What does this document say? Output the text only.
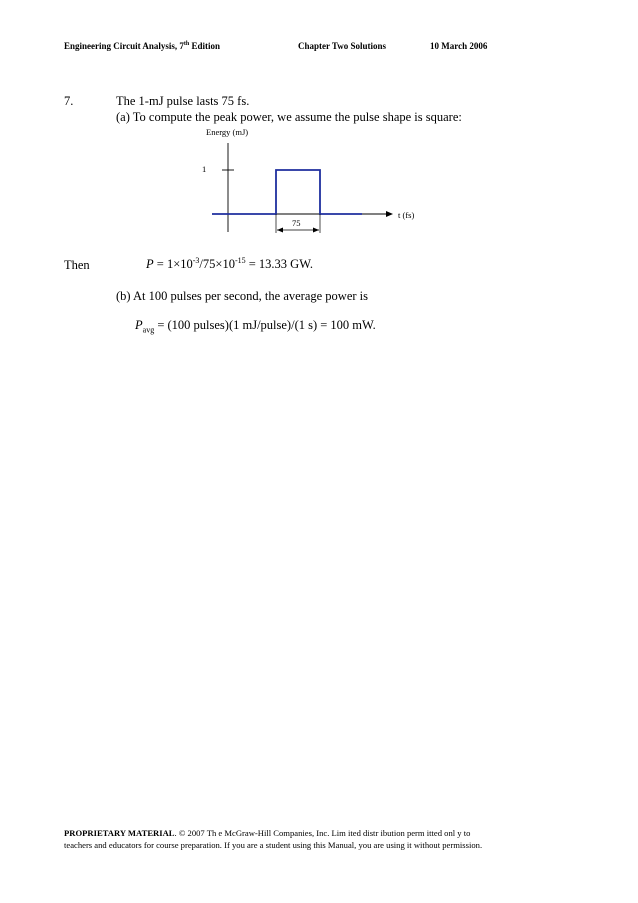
Engineering Circuit Analysis, 7th Edition	Chapter Two Solutions	10 March 2006
7.	The 1-mJ pulse lasts 75 fs.
(a) To compute the peak power, we assume the pulse shape is square:
Energy (mJ)
1
t (fs)
75
Then	$P = 1\times 10^{-3}/75\times 10^{-15} = 13.33$ GW.
(b) At 100 pulses per second, the average power is
$P_{avg} = (100$ pulses)(1 mJ/pulse)/(1 s) = 100 mW.
PROPRIETARY MATERIAL. © 2007 Th e McGraw-Hill Companies, Inc. Lim ited distr ibution perm itted onl y to
teachers and educators for course preparation. If you are a student using this Manual, you are using it without permission.
